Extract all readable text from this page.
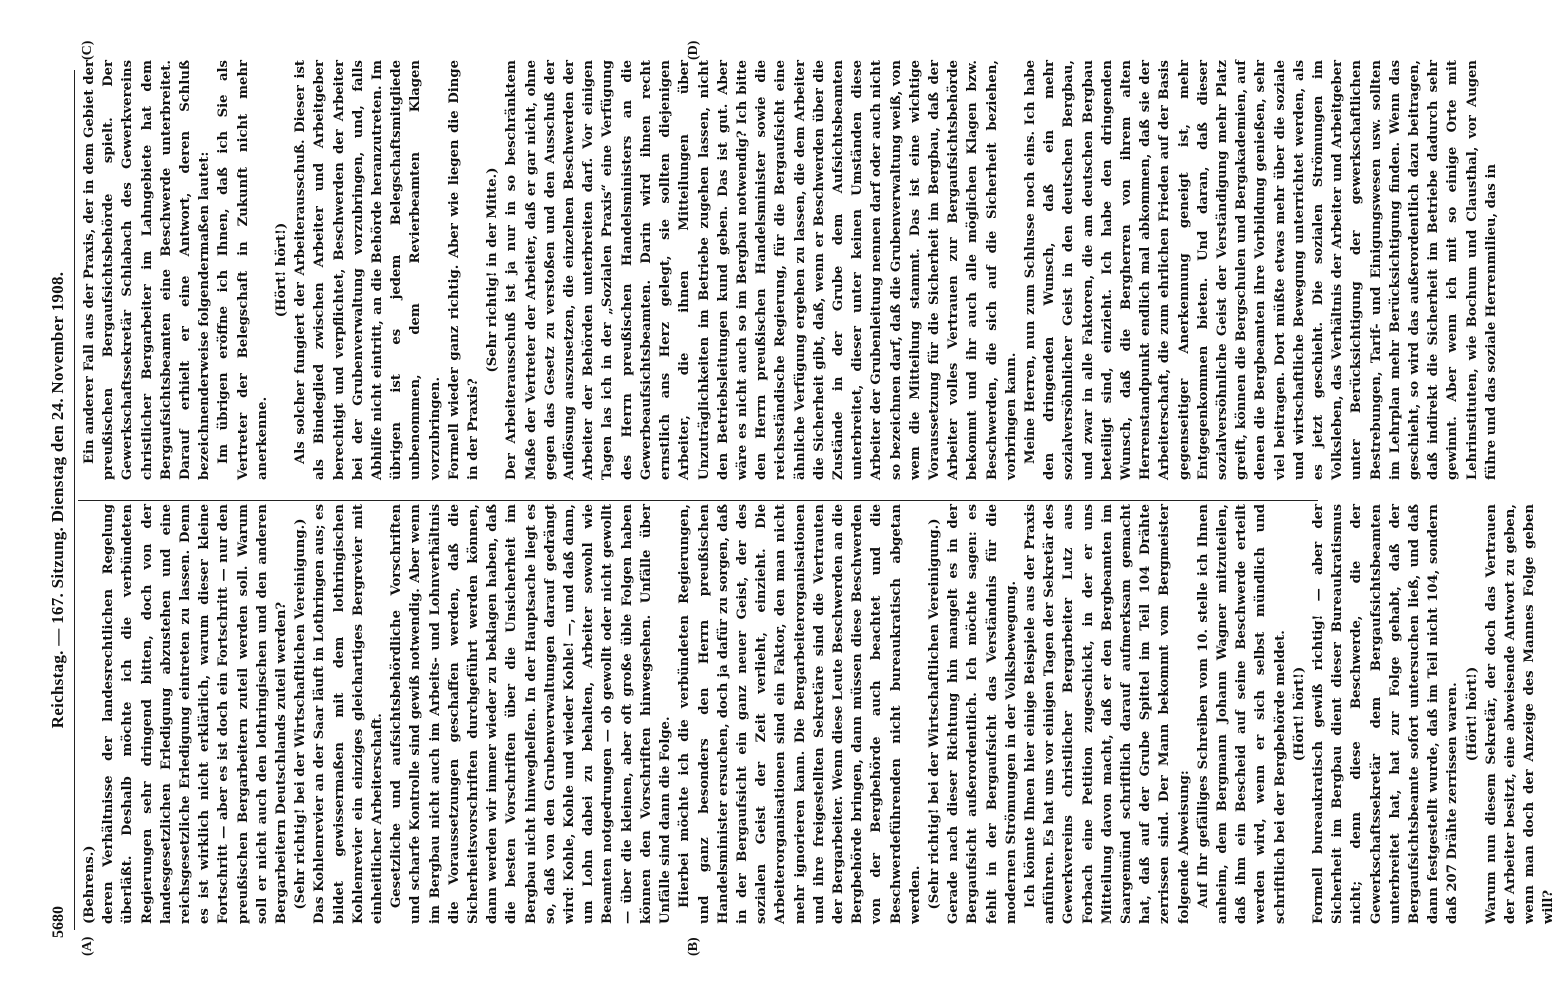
5680
Reichstag. — 167. Sitzung. Dienstag den 24. November 1908.
(A)	(B)
(C)	(D)

(Behrens.) deren Verhältnisse der landesrechtlichen Regelung überläßt. Deshalb möchte ich die verbündeten Regierungen sehr dringend bitten, doch von der landesgesetzlichen Erledigung abzustehen und eine reichsgesetzliche Erledigung eintreten zu lassen. Denn es ist wirklich nicht erklärlich, warum dieser kleine Fortschritt — aber es ist doch ein Fortschritt — nur den preußischen Bergarbeitern zuteil werden soll. Warum soll er nicht auch den lothringischen und den anderen Bergarbeitern Deutschlands zuteil werden? (Sehr richtig! bei der Wirtschaftlichen Vereinigung.) Das Kohlenrevier an der Saar läuft in Lothringen aus; es bildet gewissermaßen mit dem lothringischen Kohlenrevier ein einziges gleichartiges Bergrevier mit einheitlicher Arbeiterschaft. Gesetzliche und aufsichtsbehördliche Vorschriften und scharfe Kontrolle sind gewiß notwendig. Aber wenn im Bergbau nicht auch im Arbeits- und Lohnverhältnis die Voraussetzungen geschaffen werden, daß die Sicherheitsvorschriften durchgeführt werden können, dann werden wir immer wieder zu beklagen haben, daß die besten Vorschriften über die Unsicherheit im Bergbau nicht hinweghelfen. In der Hauptsache liegt es so, daß von den Grubenverwaltungen darauf gedrängt wird: Kohle, Kohle und wieder Kohle! —, und daß dann, um Lohn dabei zu behalten, Arbeiter sowohl wie Beamten notgedrungen — ob gewollt oder nicht gewollt — über die kleinen, aber oft große üble Folgen haben können den Vorschriften hinwegsehen. Unfälle über Unfälle sind dann die Folge. Hierbei möchte ich die verbündeten Regierungen, und ganz besonders den Herrn preußischen Handelsminister ersuchen, doch ja dafür zu sorgen, daß in der Bergaufsicht ein ganz neuer Geist, der des sozialen Geist der Zeit verlieht, einzieht. Die Arbeiterorganisationen sind ein Faktor, den man nicht mehr ignorieren kann. Die Bergarbeiterorganisationen und ihre freigestellten Sekretäre sind die Vertrauten der Bergarbeiter. Wenn diese Leute Beschwerden an die Bergbehörde bringen, dann müssen diese Beschwerden von der Bergbehörde auch beachtet und die Beschwerdeführenden nicht bureaukratisch abgetan werden. (Sehr richtig! bei der Wirtschaftlichen Vereinigung.) Gerade nach dieser Richtung hin mangelt es in der Bergaufsicht außerordentlich. Ich möchte sagen: es fehlt in der Bergaufsicht das Verständnis für die modernen Strömungen in der Volksbewegung. Ich könnte Ihnen hier einige Beispiele aus der Praxis anführen. Es hat uns vor einigen Tagen der Sekretär des Gewerkvereins christlicher Bergarbeiter Lutz aus Forbach eine Petition zugeschickt, in der er uns Mitteilung davon macht, daß er den Bergbeamten im Saargemünd schriftlich darauf aufmerksam gemacht hat, daß auf der Grube Spittel im Teil 104 Drähte zerrissen sind. Der Mann bekommt vom Bergmeister folgende Abweisung: Auf Ihr gefälliges Schreiben vom 10. stelle ich Ihnen anheim, dem Bergmann Johann Wagner mitzuteilen, daß ihm ein Bescheid auf seine Beschwerde erteilt werden wird, wenn er sich selbst mündlich und schriftlich bei der Bergbehörde meldet. (Hört! hört!) Formell bureaukratisch gewiß richtig! — aber der Sicherheit im Bergbau dient dieser Bureaukratismus nicht; denn diese Beschwerde, die der Gewerkschaftssekretär dem Bergaufsichtsbeamten unterbreitet hat, hat zur Folge gehabt, daß der Bergaufsichtsbeamte sofort untersuchen ließ, und daß dann festgestellt wurde, daß im Teil nicht 104, sondern daß 207 Drähte zerrissen waren. (Hört! hört!) Warum nun diesem Sekretär, der doch das Vertrauen der Arbeiter besitzt, eine abweisende Antwort zu geben, wenn man doch der Anzeige des Mannes Folge geben will?

Ein anderer Fall aus der Praxis, der in dem Gebiet der preußischen Bergaufsichtsbehörde spielt. Der Gewerkschaftssekretär Schlabach des Gewerkvereins christlicher Bergarbeiter im Lahngebiete hat dem Bergaufsichtsbeamten eine Beschwerde unterbreitet. Darauf erhielt er eine Antwort, deren Schluß bezeichnenderweise folgendermaßen lautet: Im übrigen eröffne ich Ihnen, daß ich Sie als Vertreter der Belegschaft in Zukunft nicht mehr anerkenne.

(Hört! hört!) Als solcher fungiert der Arbeiterausschuß. Dieser ist als Bindeglied zwischen Arbeiter und Arbeitgeber berechtigt und verpflichtet, Beschwerden der Arbeiter bei der Grubenverwaltung vorzubringen, und, falls Abhilfe nicht eintritt, an die Behörde heranzutreten. Im übrigen ist es jedem Belegschaftsmitgliede unbenommen, dem Revierbeamten Klagen vorzubringen. Formell wieder ganz richtig. Aber wie liegen die Dinge in der Praxis?

(Sehr richtig! in der Mitte.) Der Arbeiterausschuß ist ja nur in so beschränktem Maße der Vertreter der Arbeiter, daß er gar nicht, ohne gegen das Gesetz zu verstoßen und den Ausschuß der Auflösung auszusetzen, die einzelnen Beschwerden der Arbeiter der Behörden unterbreiten darf. Vor einigen Tagen las ich in der „Sozialen Praxis“ eine Verfügung des Herrn preußischen Handelsministers an die Gewerbeaufsichtsbeamten. Darin wird ihnen recht ernstlich ans Herz gelegt, sie sollten diejenigen Arbeiter, die ihnen Mitteilungen über Unzuträglichkeiten im Betriebe zugehen lassen, nicht den Betriebsleitungen kund geben. Das ist gut. Aber wäre es nicht auch so im Bergbau notwendig? Ich bitte den Herrn preußischen Handelsminister sowie die reichsständische Regierung, für die Bergaufsicht eine ähnliche Verfügung ergehen zu lassen, die dem Arbeiter die Sicherheit gibt, daß, wenn er Beschwerden über die Zustände in der Grube dem Aufsichtsbeamten unterbreitet, dieser unter keinen Umständen diese Arbeiter der Grubenleitung nennen darf oder auch nicht so bezeichnen darf, daß die Grubenverwaltung weiß, von wem die Mitteilung stammt. Das ist eine wichtige Voraussetzung für die Sicherheit im Bergbau, daß der Arbeiter volles Vertrauen zur Bergaufsichtsbehörde bekommt und ihr auch alle möglichen Klagen bzw. Beschwerden, die sich auf die Sicherheit beziehen, vorbringen kann. Meine Herren, nun zum Schlusse noch eins. Ich habe den dringenden Wunsch, daß ein mehr sozialversöhnlicher Geist in den deutschen Bergbau, und zwar in alle Faktoren, die am deutschen Bergbau beteiligt sind, einzieht. Ich habe den dringenden Wunsch, daß die Bergherren von ihrem alten Herrenstandpunkt endlich mal abkommen, daß sie der Arbeiterschaft, die zum ehrlichen Frieden auf der Basis gegenseitiger Anerkennung geneigt ist, mehr Entgegenkommen bieten. Und daran, daß dieser sozialversöhnliche Geist der Verständigung mehr Platz greift, können die Bergschulen und Bergakademien, auf denen die Bergbeamten ihre Vorbildung genießen, sehr viel beitragen. Dort müßte etwas mehr über die soziale und wirtschaftliche Bewegung unterrichtet werden, als es jetzt geschieht. Die sozialen Strömungen im Volksleben, das Verhältnis der Arbeiter und Arbeitgeber unter Berücksichtigung der gewerkschaftlichen Bestrebungen, Tarif- und Einigungswesen usw. sollten im Lehrplan mehr Berücksichtigung finden. Wenn das geschieht, so wird das außerordentlich dazu beitragen, daß indirekt die Sicherheit im Betriebe dadurch sehr gewinnt. Aber wenn ich mit so einige Orte mit Lehrinstituten, wie Bochum und Clausthal, vor Augen führe und das soziale Herrenmilieu, das in
